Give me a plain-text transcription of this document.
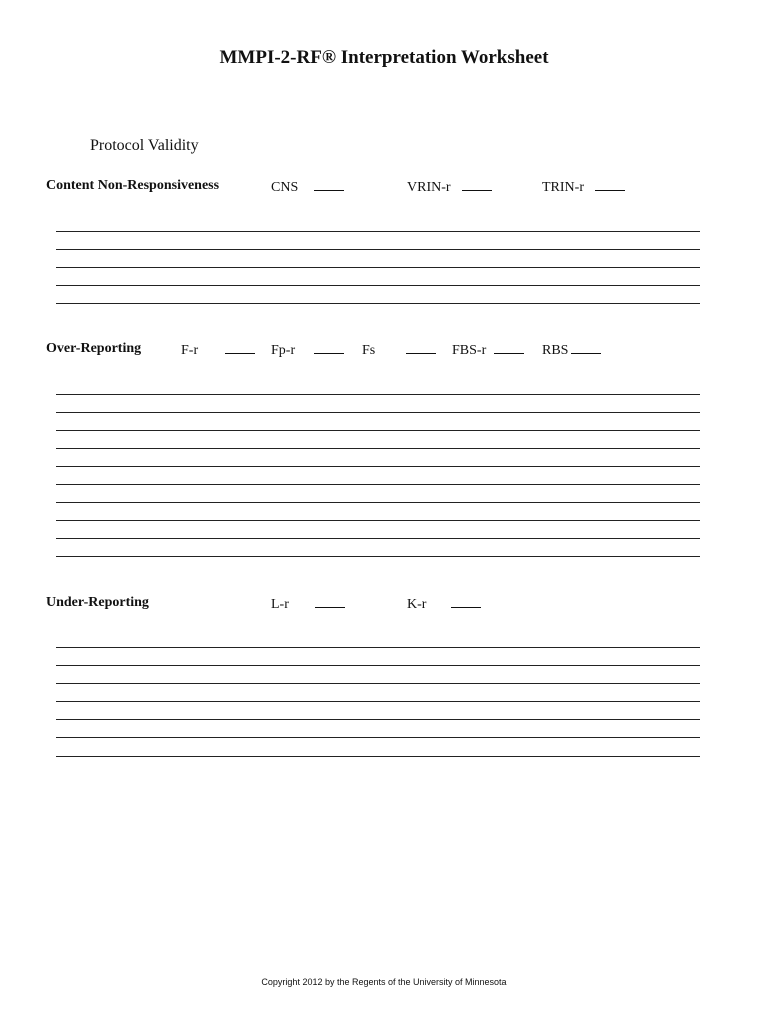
MMPI-2-RF® Interpretation Worksheet
Protocol Validity
Content Non-Responsiveness	CNS	VRIN-r	TRIN-r
Over-Reporting	F-r	Fp-r	Fs	FBS-r	RBS
Under-Reporting	L-r	K-r
Copyright 2012 by the Regents of the University of Minnesota
